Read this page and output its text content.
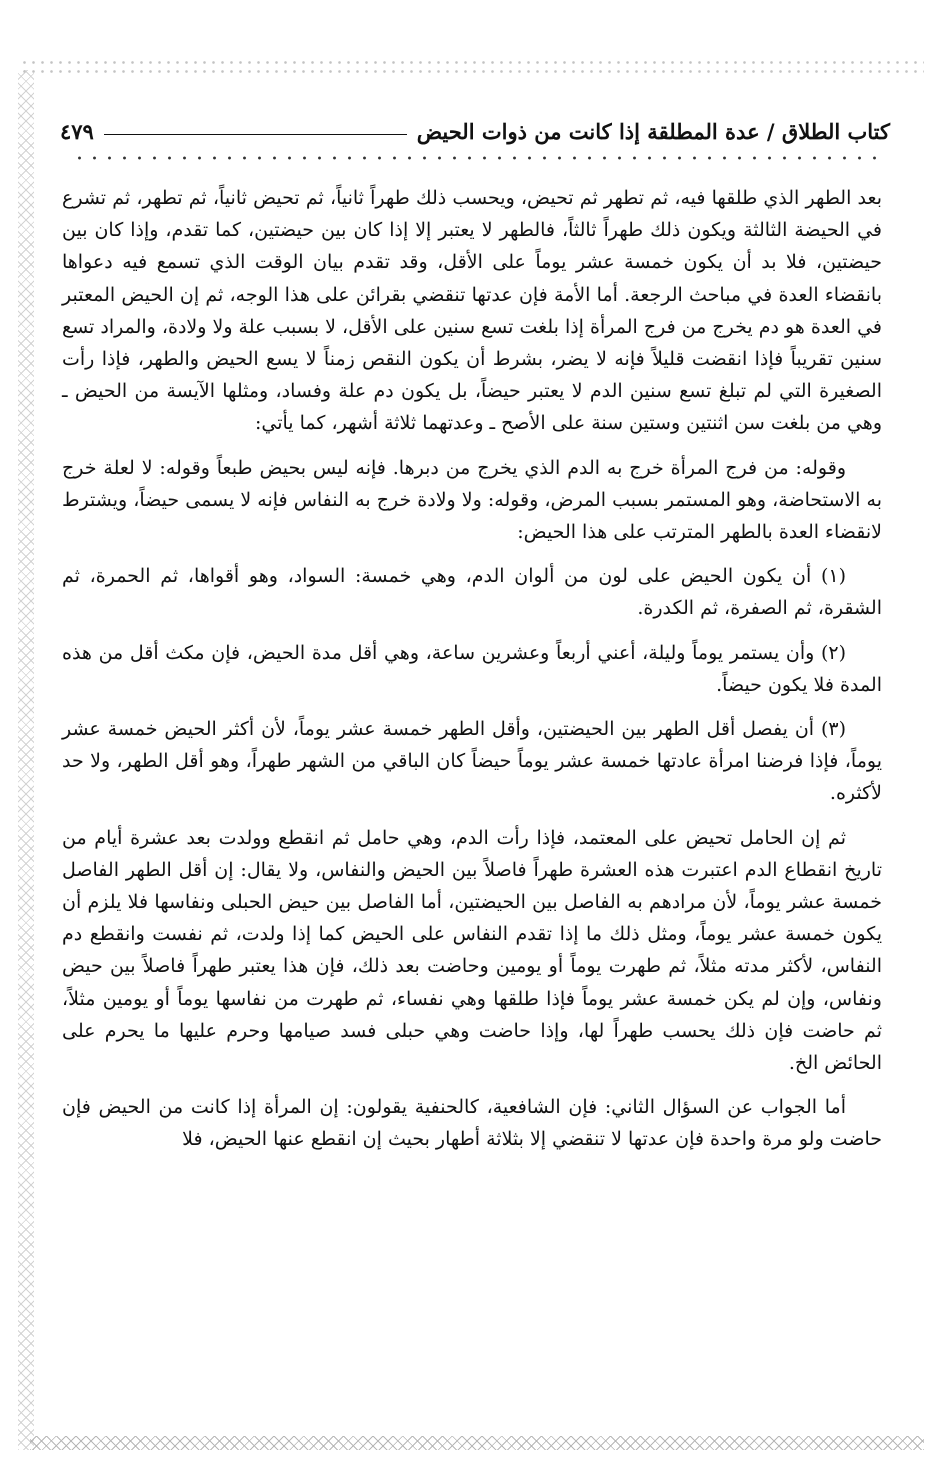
كتاب الطلاق / عدة المطلقة إذا كانت من ذوات الحيض
٤٧٩

بعد الطهر الذي طلقها فيه، ثم تطهر ثم تحيض، ويحسب ذلك طهراً ثانياً، ثم تحيض ثانياً، ثم تطهر، ثم تشرع في الحيضة الثالثة ويكون ذلك طهراً ثالثاً، فالطهر لا يعتبر إلا إذا كان بين حيضتين، كما تقدم، وإذا كان بين حيضتين، فلا بد أن يكون خمسة عشر يوماً على الأقل، وقد تقدم بيان الوقت الذي تسمع فيه دعواها بانقضاء العدة في مباحث الرجعة. أما الأمة فإن عدتها تنقضي بقرائن على هذا الوجه، ثم إن الحيض المعتبر في العدة هو دم يخرج من فرج المرأة إذا بلغت تسع سنين على الأقل، لا بسبب علة ولا ولادة، والمراد تسع سنين تقريباً فإذا انقضت قليلاً فإنه لا يضر، بشرط أن يكون النقص زمناً لا يسع الحيض والطهر، فإذا رأت الصغيرة التي لم تبلغ تسع سنين الدم لا يعتبر حيضاً، بل يكون دم علة وفساد، ومثلها الآيسة من الحيض ـ وهي من بلغت سن اثنتين وستين سنة على الأصح ـ وعدتهما ثلاثة أشهر، كما يأتي:

وقوله: من فرج المرأة خرج به الدم الذي يخرج من دبرها. فإنه ليس بحيض طبعاً وقوله: لا لعلة خرج به الاستحاضة، وهو المستمر بسبب المرض، وقوله: ولا ولادة خرج به النفاس فإنه لا يسمى حيضاً، ويشترط لانقضاء العدة بالطهر المترتب على هذا الحيض:

(١) أن يكون الحيض على لون من ألوان الدم، وهي خمسة: السواد، وهو أقواها، ثم الحمرة، ثم الشقرة، ثم الصفرة، ثم الكدرة.

(٢) وأن يستمر يوماً وليلة، أعني أربعاً وعشرين ساعة، وهي أقل مدة الحيض، فإن مكث أقل من هذه المدة فلا يكون حيضاً.

(٣) أن يفصل أقل الطهر بين الحيضتين، وأقل الطهر خمسة عشر يوماً، لأن أكثر الحيض خمسة عشر يوماً، فإذا فرضنا امرأة عادتها خمسة عشر يوماً حيضاً كان الباقي من الشهر طهراً، وهو أقل الطهر، ولا حد لأكثره.

ثم إن الحامل تحيض على المعتمد، فإذا رأت الدم، وهي حامل ثم انقطع وولدت بعد عشرة أيام من تاريخ انقطاع الدم اعتبرت هذه العشرة طهراً فاصلاً بين الحيض والنفاس، ولا يقال: إن أقل الطهر الفاصل خمسة عشر يوماً، لأن مرادهم به الفاصل بين الحيضتين، أما الفاصل بين حيض الحبلى ونفاسها فلا يلزم أن يكون خمسة عشر يوماً، ومثل ذلك ما إذا تقدم النفاس على الحيض كما إذا ولدت، ثم نفست وانقطع دم النفاس، لأكثر مدته مثلاً، ثم طهرت يوماً أو يومين وحاضت بعد ذلك، فإن هذا يعتبر طهراً فاصلاً بين حيض ونفاس، وإن لم يكن خمسة عشر يوماً فإذا طلقها وهي نفساء، ثم طهرت من نفاسها يوماً أو يومين مثلاً، ثم حاضت فإن ذلك يحسب طهراً لها، وإذا حاضت وهي حبلى فسد صيامها وحرم عليها ما يحرم على الحائض الخ.

أما الجواب عن السؤال الثاني: فإن الشافعية، كالحنفية يقولون: إن المرأة إذا كانت من الحيض فإن حاضت ولو مرة واحدة فإن عدتها لا تنقضي إلا بثلاثة أطهار بحيث إن انقطع عنها الحيض، فلا
